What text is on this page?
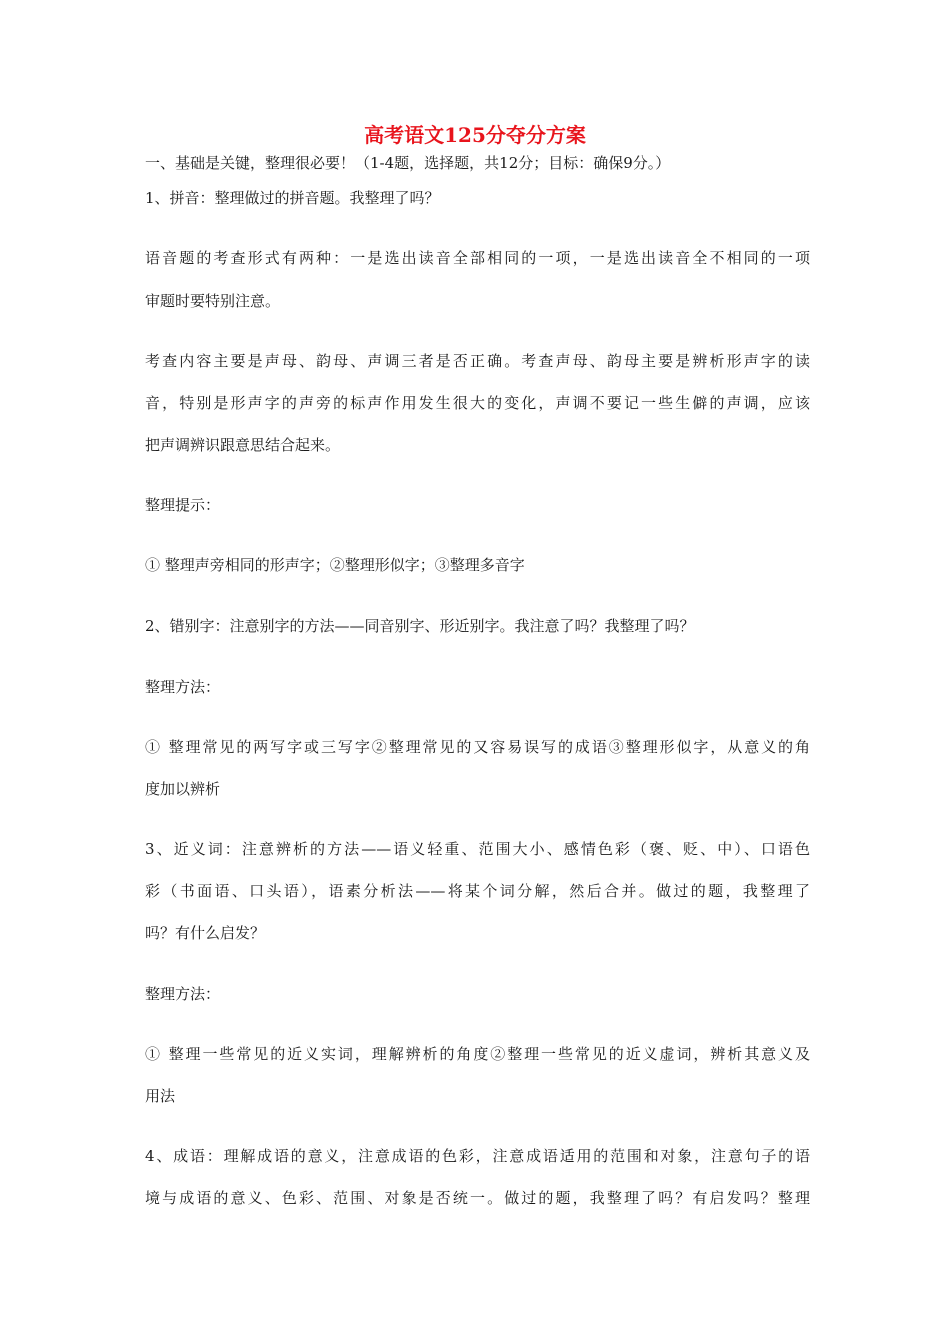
高考语文125分夺分方案
一、基础是关键，整理很必要！（1-4题，选择题，共12分；目标：确保9分。）
1、拼音：整理做过的拼音题。我整理了吗？
语音题的考查形式有两种：一是选出读音全部相同的一项，一是选出读音全不相同的一项
审题时要特别注意。
考查内容主要是声母、韵母、声调三者是否正确。考查声母、韵母主要是辨析形声字的读
音，特别是形声字的声旁的标声作用发生很大的变化，声调不要记一些生僻的声调，应该
把声调辨识跟意思结合起来。
整理提示：
① 整理声旁相同的形声字；②整理形似字；③整理多音字
2、错别字：注意别字的方法——同音别字、形近别字。我注意了吗？我整理了吗？
整理方法：
① 整理常见的两写字或三写字②整理常见的又容易误写的成语③整理形似字，从意义的角
度加以辨析
3、近义词：注意辨析的方法——语义轻重、范围大小、感情色彩（褒、贬、中）、口语色
彩（书面语、口头语），语素分析法——将某个词分解，然后合并。做过的题，我整理了
吗？有什么启发？
整理方法：
① 整理一些常见的近义实词，理解辨析的角度②整理一些常见的近义虚词，辨析其意义及
用法
4、成语：理解成语的意义，注意成语的色彩，注意成语适用的范围和对象，注意句子的语
境与成语的意义、色彩、范围、对象是否统一。做过的题，我整理了吗？有启发吗？整理
